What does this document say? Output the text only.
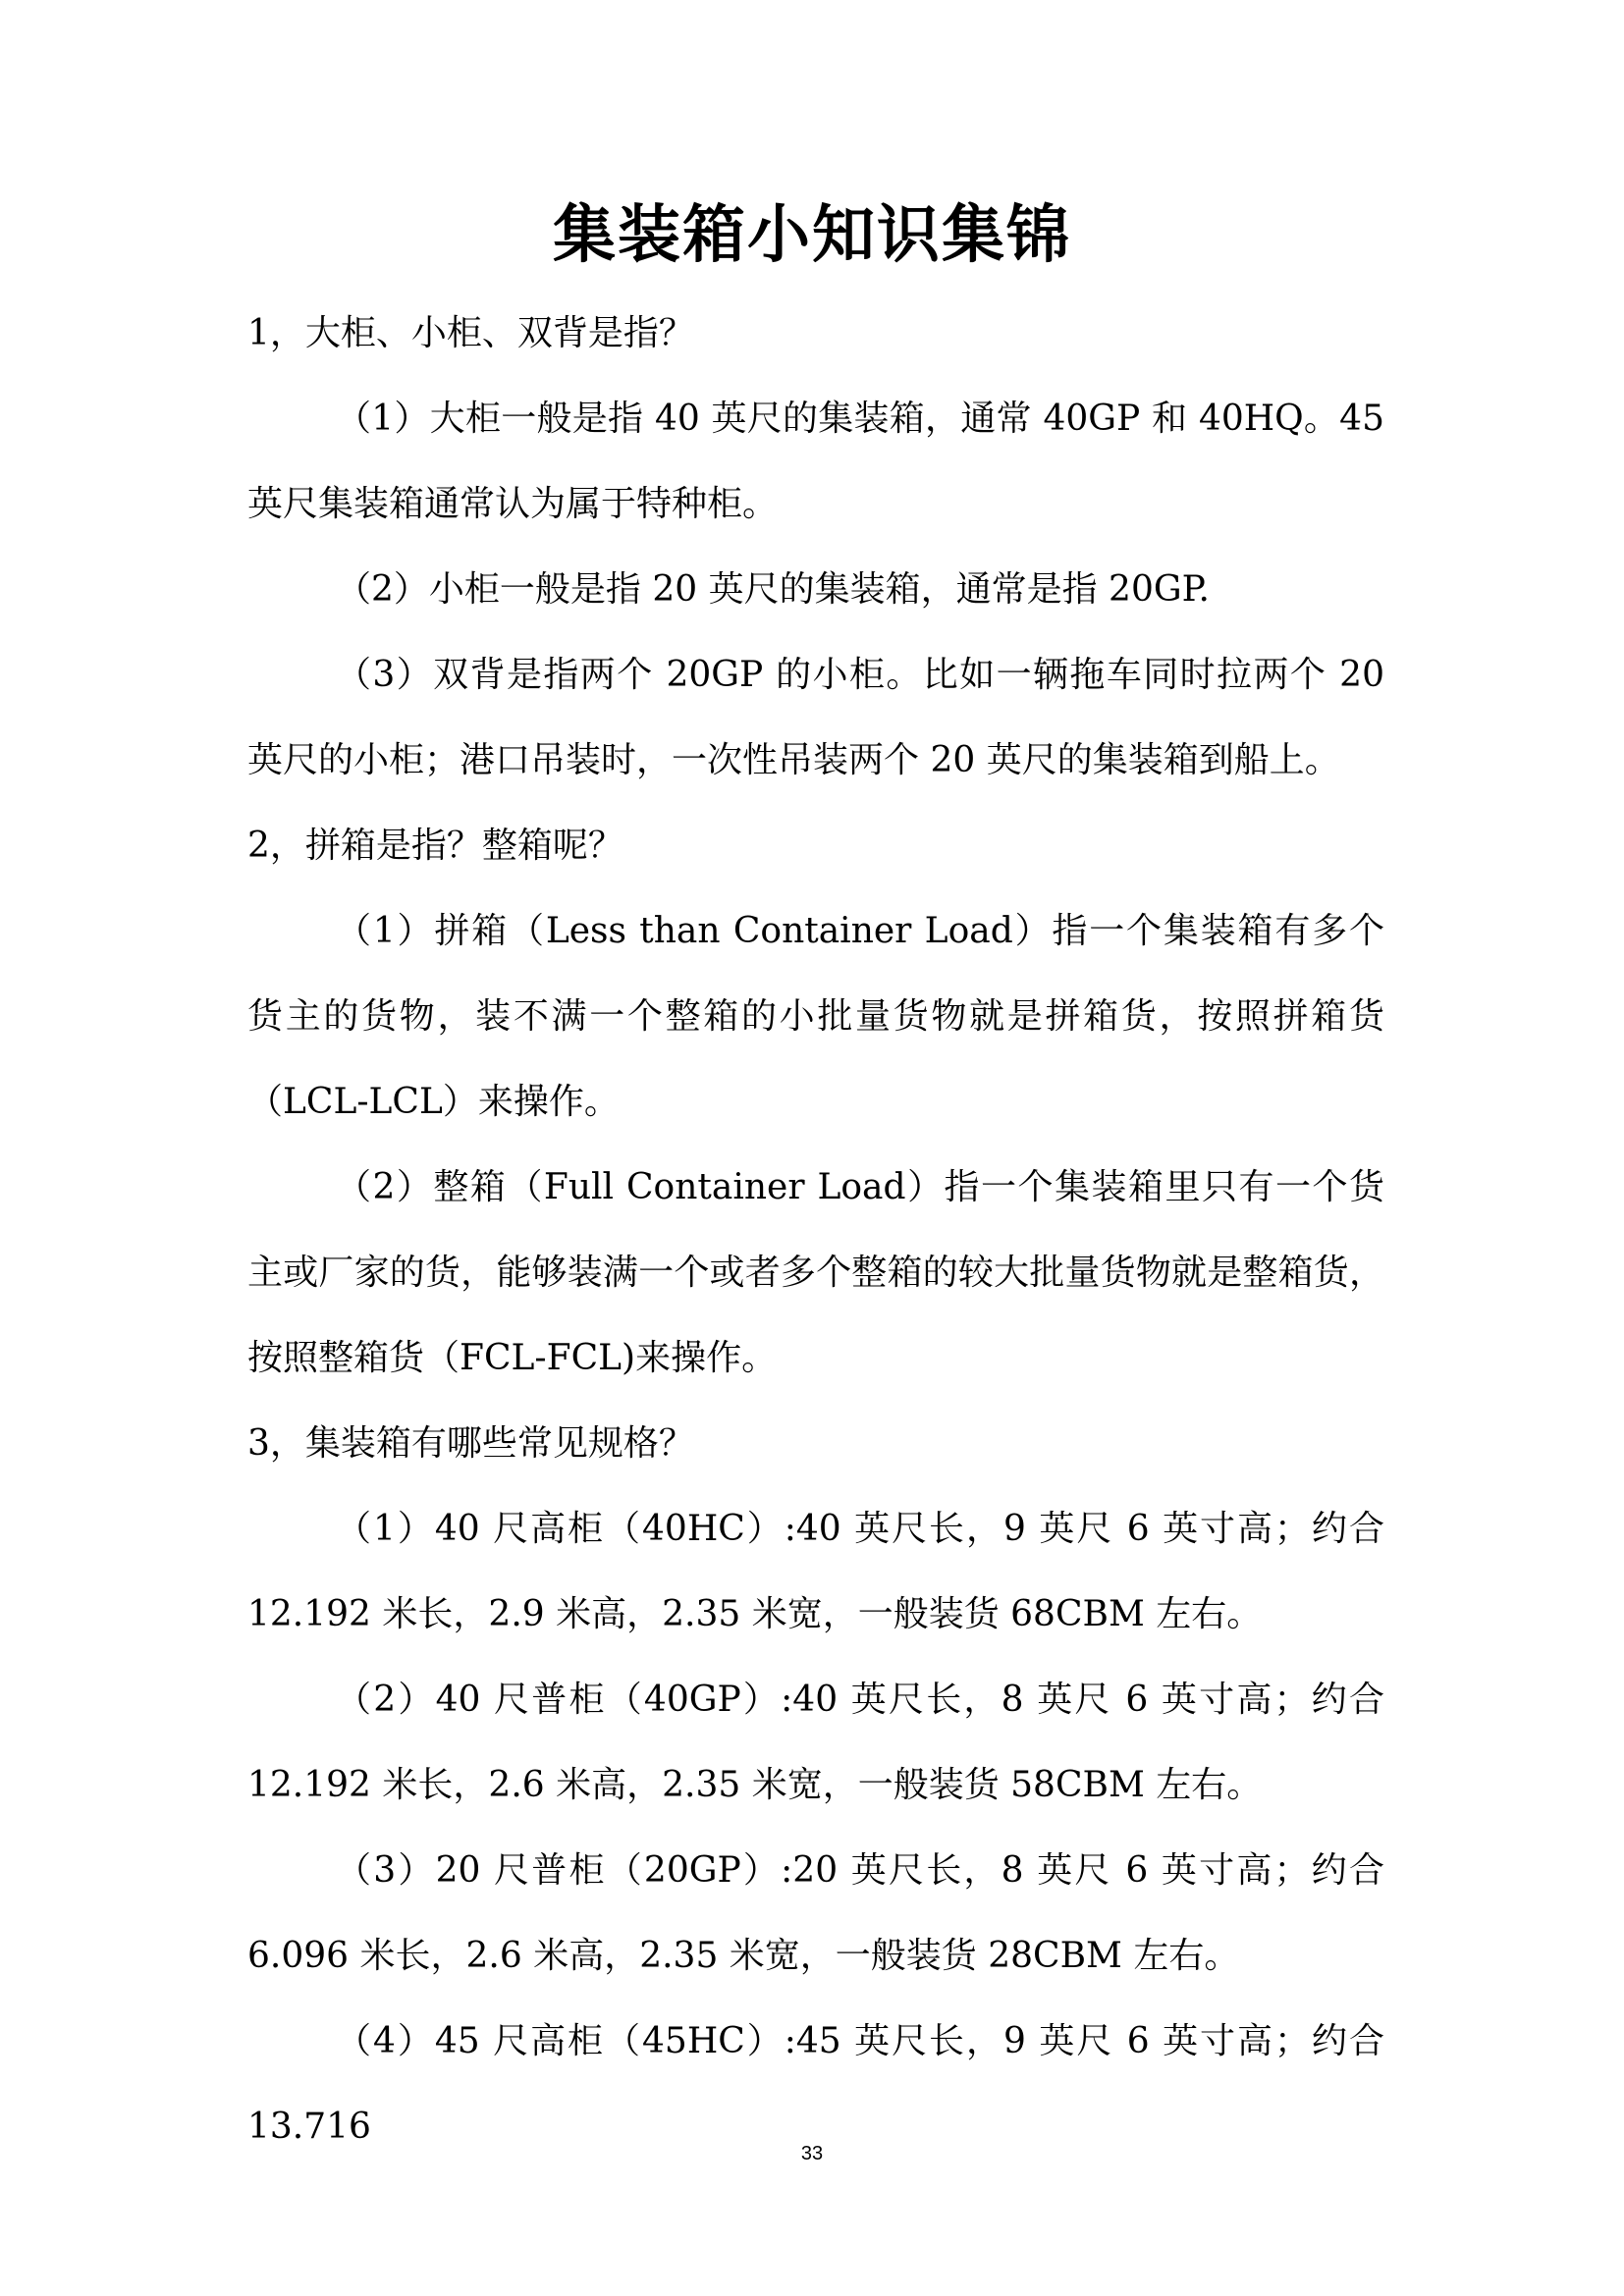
集装箱小知识集锦

1，大柜、小柜、双背是指？

（1）大柜一般是指 40 英尺的集装箱，通常 40GP 和 40HQ。45 英尺集装箱通常认为属于特种柜。

（2）小柜一般是指 20 英尺的集装箱，通常是指 20GP.

（3）双背是指两个 20GP 的小柜。比如一辆拖车同时拉两个 20 英尺的小柜；港口吊装时，一次性吊装两个 20 英尺的集装箱到船上。

2，拼箱是指？整箱呢？

（1）拼箱（Less than Container Load）指一个集装箱有多个货主的货物，装不满一个整箱的小批量货物就是拼箱货，按照拼箱货（LCL-LCL）来操作。

（2）整箱（Full Container Load）指一个集装箱里只有一个货主或厂家的货，能够装满一个或者多个整箱的较大批量货物就是整箱货，按照整箱货（FCL-FCL)来操作。

3，集装箱有哪些常见规格？

（1）40 尺高柜（40HC）:40 英尺长，9 英尺 6 英寸高；约合 12.192 米长，2.9 米高，2.35 米宽，一般装货 68CBM 左右。

（2）40 尺普柜（40GP）:40 英尺长，8 英尺 6 英寸高；约合 12.192 米长，2.6 米高，2.35 米宽，一般装货 58CBM 左右。

（3）20 尺普柜（20GP）:20 英尺长，8 英尺 6 英寸高；约合 6.096 米长，2.6 米高，2.35 米宽，一般装货 28CBM 左右。

（4）45 尺高柜（45HC）:45 英尺长，9 英尺 6 英寸高；约合 13.716

33
